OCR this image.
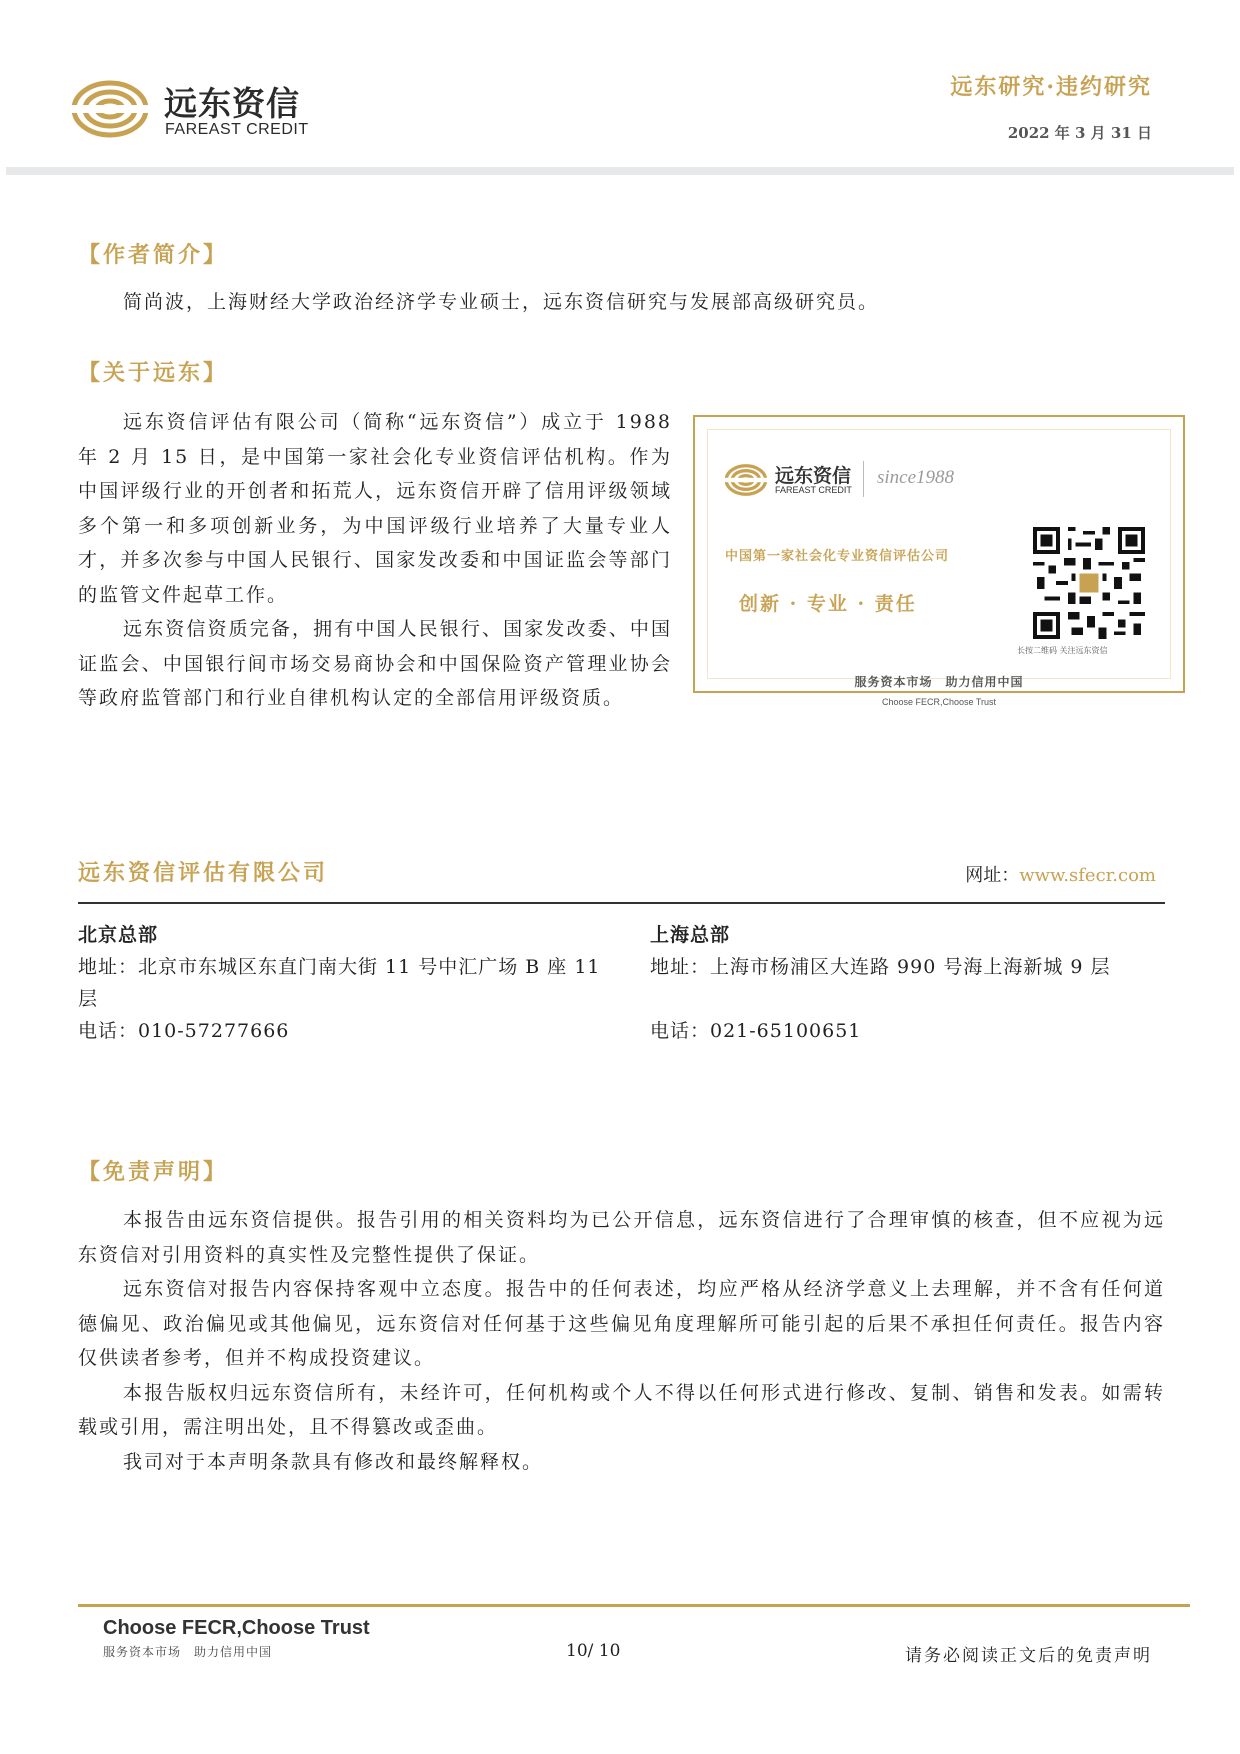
远东资信
FAREAST CREDIT
远东研究·违约研究
2022 年 3 月 31 日
【作者简介】
简尚波，上海财经大学政治经济学专业硕士，远东资信研究与发展部高级研究员。
【关于远东】

远东资信评估有限公司（简称“远东资信”）成立于 1988 年 2 月 15 日，是中国第一家社会化专业资信评估机构。作为中国评级行业的开创者和拓荒人，远东资信开辟了信用评级领域多个第一和多项创新业务，为中国评级行业培养了大量专业人才，并多次参与中国人民银行、国家发改委和中国证监会等部门的监管文件起草工作。

远东资信资质完备，拥有中国人民银行、国家发改委、中国证监会、中国银行间市场交易商协会和中国保险资产管理业协会等政府监管部门和行业自律机构认定的全部信用评级资质。

远东资信
FAREAST CREDIT
since1988
中国第一家社会化专业资信评估公司
创新 · 专业 · 责任
长按二维码 关注远东资信
服务资本市场　助力信用中国
Choose FECR,Choose Trust
远东资信评估有限公司	网址：www.sfecr.com
北京总部
地址：北京市东城区东直门南大街 11 号中汇广场 B 座 11 层
电话：010-57277666
上海总部
地址：上海市杨浦区大连路 990 号海上海新城 9 层
电话：021-65100651
【免责声明】

本报告由远东资信提供。报告引用的相关资料均为已公开信息，远东资信进行了合理审慎的核查，但不应视为远东资信对引用资料的真实性及完整性提供了保证。

远东资信对报告内容保持客观中立态度。报告中的任何表述，均应严格从经济学意义上去理解，并不含有任何道德偏见、政治偏见或其他偏见，远东资信对任何基于这些偏见角度理解所可能引起的后果不承担任何责任。报告内容仅供读者参考，但并不构成投资建议。

本报告版权归远东资信所有，未经许可，任何机构或个人不得以任何形式进行修改、复制、销售和发表。如需转载或引用，需注明出处，且不得篡改或歪曲。

我司对于本声明条款具有修改和最终解释权。

Choose FECR,Choose Trust
服务资本市场　助力信用中国	10/ 10	请务必阅读正文后的免责声明
